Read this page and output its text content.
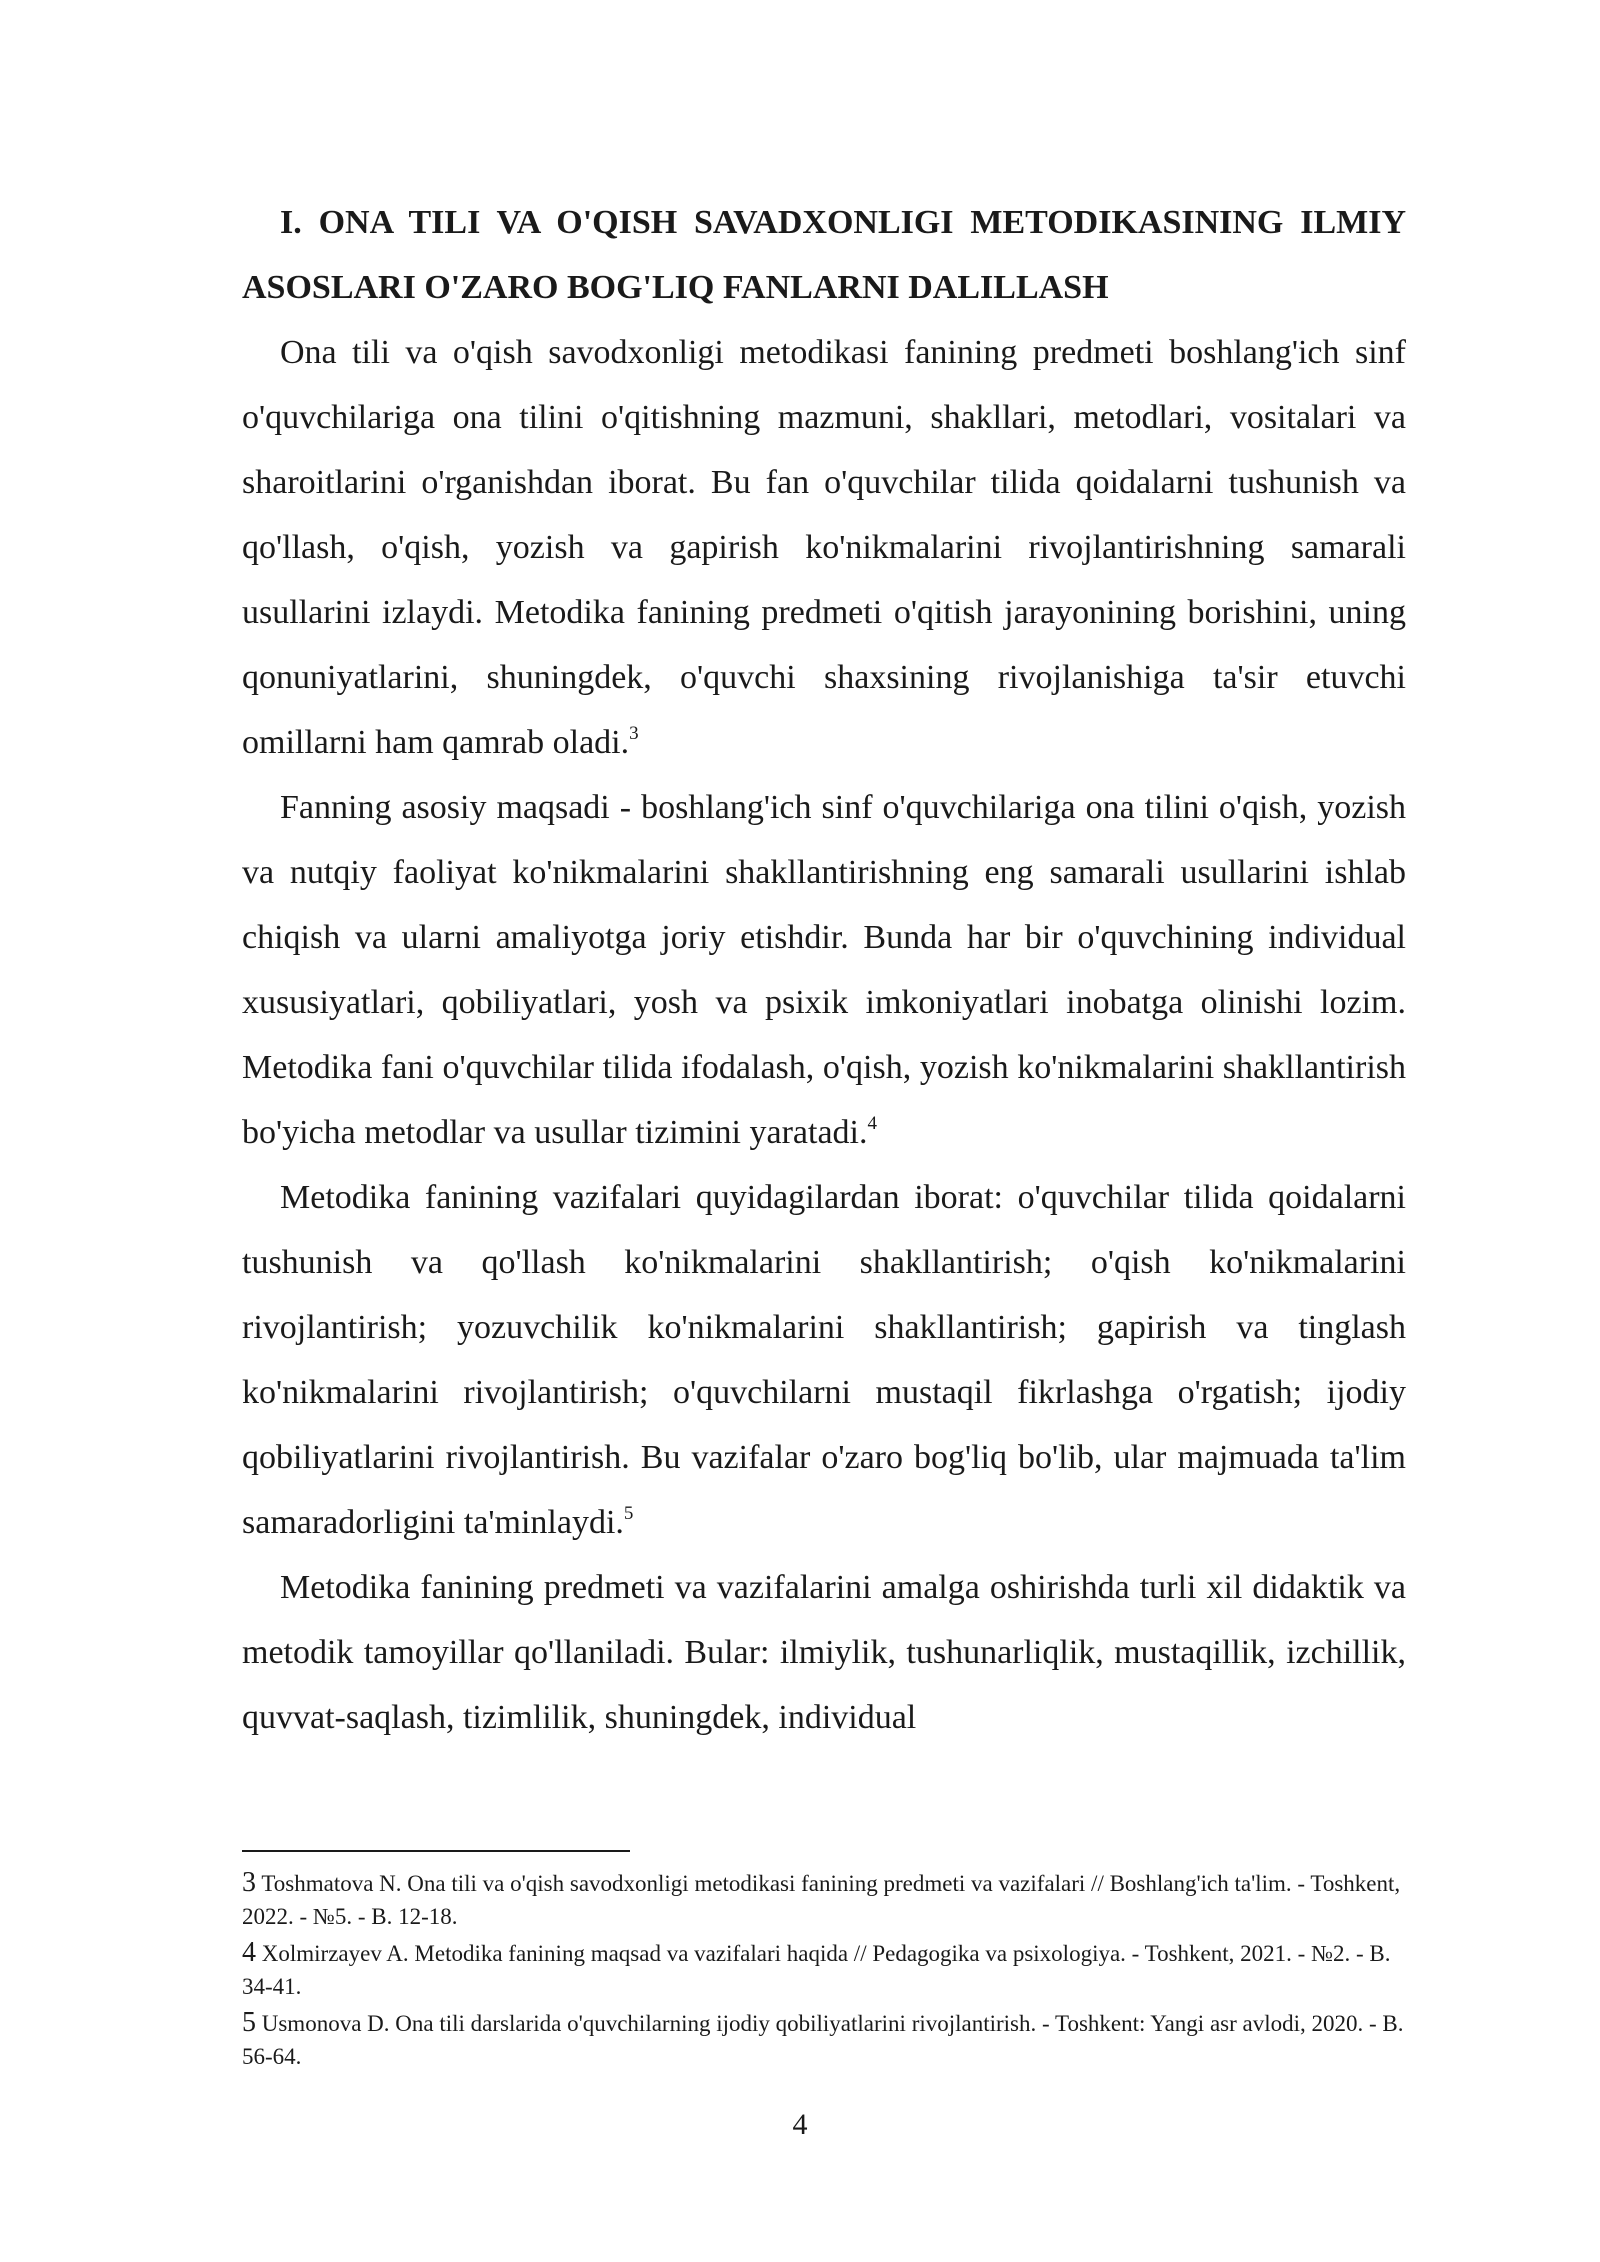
I. ONA TILI VA O'QISH SAVADXONLIGI METODIKASINING ILMIY ASOSLARI O'ZARO BOG'LIQ FANLARNI DALILLASH

Ona tili va o'qish savodxonligi metodikasi fanining predmeti boshlang'ich sinf o'quvchilariga ona tilini o'qitishning mazmuni, shakllari, metodlari, vositalari va sharoitlarini o'rganishdan iborat. Bu fan o'quvchilar tilida qoidalarni tushunish va qo'llash, o'qish, yozish va gapirish ko'nikmalarini rivojlantirishning samarali usullarini izlaydi. Metodika fanining predmeti o'qitish jarayonining borishini, uning qonuniyatlarini, shuningdek, o'quvchi shaxsining rivojlanishiga ta'sir etuvchi omillarni ham qamrab oladi.$^3$

Fanning asosiy maqsadi - boshlang'ich sinf o'quvchilariga ona tilini o'qish, yozish va nutqiy faoliyat ko'nikmalarini shakllantirishning eng samarali usullarini ishlab chiqish va ularni amaliyotga joriy etishdir. Bunda har bir o'quvchining individual xususiyatlari, qobiliyatlari, yosh va psixik imkoniyatlari inobatga olinishi lozim. Metodika fani o'quvchilar tilida ifodalash, o'qish, yozish ko'nikmalarini shakllantirish bo'yicha metodlar va usullar tizimini yaratadi.$^4$

Metodika fanining vazifalari quyidagilardan iborat: o'quvchilar tilida qoidalarni tushunish va qo'llash ko'nikmalarini shakllantirish; o'qish ko'nikmalarini rivojlantirish; yozuvchilik ko'nikmalarini shakllantirish; gapirish va tinglash ko'nikmalarini rivojlantirish; o'quvchilarni mustaqil fikrlashga o'rgatish; ijodiy qobiliyatlarini rivojlantirish. Bu vazifalar o'zaro bog'liq bo'lib, ular majmuada ta'lim samaradorligini ta'minlaydi.$^5$

Metodika fanining predmeti va vazifalarini amalga oshirishda turli xil didaktik va metodik tamoyillar qo'llaniladi. Bular: ilmiylik, tushunarliqlik, mustaqillik, izchillik, quvvat-saqlash, tizimlilik, shuningdek, individual

3 Toshmatova N. Ona tili va o'qish savodxonligi metodikasi fanining predmeti va vazifalari // Boshlang'ich ta'lim. - Toshkent, 2022. - №5. - B. 12-18.

4 Xolmirzayev A. Metodika fanining maqsad va vazifalari haqida // Pedagogika va psixologiya. - Toshkent, 2021. - №2. - B. 34-41.

5 Usmonova D. Ona tili darslarida o'quvchilarning ijodiy qobiliyatlarini rivojlantirish. - Toshkent: Yangi asr avlodi, 2020. - B. 56-64.

4
